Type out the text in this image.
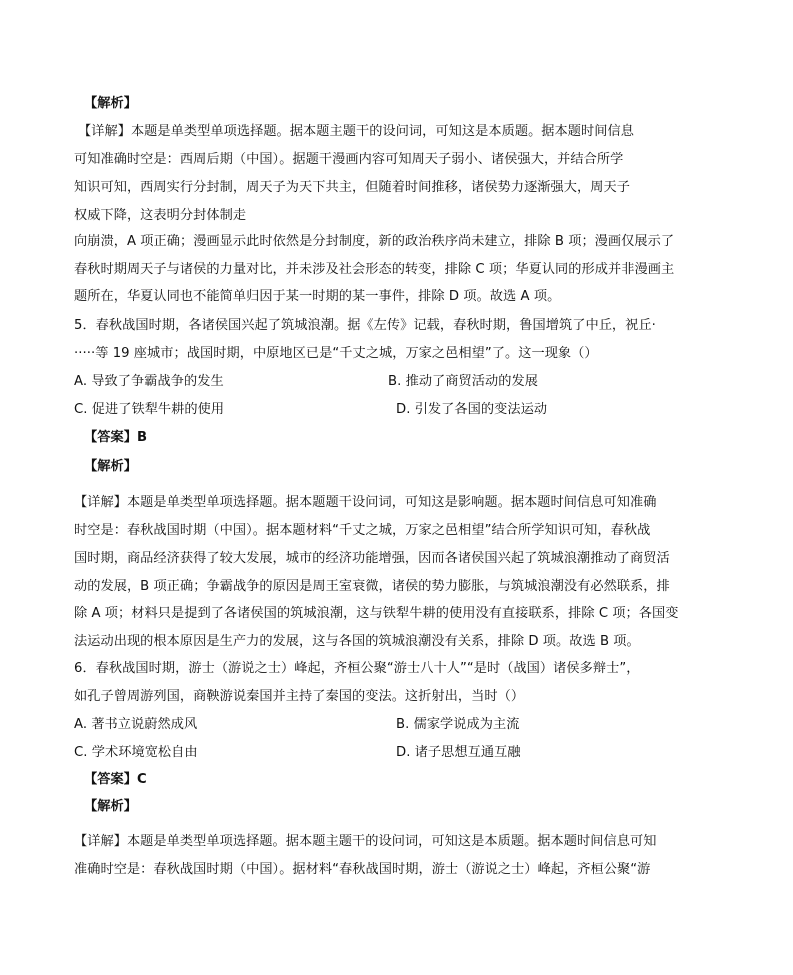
【解析】
【详解】本题是单类型单项选择题。据本题主题干的设问词，可知这是本质题。据本题时间信息
可知准确时空是：西周后期（中国）。据题干漫画内容可知周天子弱小、诸侯强大，并结合所学
知识可知，西周实行分封制，周天子为天下共主，但随着时间推移，诸侯势力逐渐强大，周天子
权威下降，这表明分封体制走
向崩溃，A 项正确；漫画显示此时依然是分封制度，新的政治秩序尚未建立，排除 B 项；漫画仅展示了
春秋时期周天子与诸侯的力量对比，并未涉及社会形态的转变，排除 C 项；华夏认同的形成并非漫画主
题所在，华夏认同也不能简单归因于某一时期的某一事件，排除 D 项。故选 A 项。
5．春秋战国时期，各诸侯国兴起了筑城浪潮。据《左传》记载，春秋时期，鲁国增筑了中丘，祝丘·
·····等 19 座城市；战国时期，中原地区已是“千丈之城，万家之邑相望”了。这一现象（）
A. 导致了争霸战争的发生	B. 推动了商贸活动的发展
C. 促进了铁犁牛耕的使用	D. 引发了各国的变法运动
【答案】B
【解析】
【详解】本题是单类型单项选择题。据本题题干设问词，可知这是影响题。据本题时间信息可知准确
时空是：春秋战国时期（中国）。据本题材料“千丈之城，万家之邑相望”结合所学知识可知，春秋战
国时期，商品经济获得了较大发展，城市的经济功能增强，因而各诸侯国兴起了筑城浪潮推动了商贸活
动的发展，B 项正确；争霸战争的原因是周王室衰微，诸侯的势力膨胀，与筑城浪潮没有必然联系，排
除 A 项；材料只是提到了各诸侯国的筑城浪潮，这与铁犁牛耕的使用没有直接联系，排除 C 项；各国变
法运动出现的根本原因是生产力的发展，这与各国的筑城浪潮没有关系，排除 D 项。故选 B 项。
6．春秋战国时期，游士（游说之士）峰起，齐桓公聚“游士八十人”“是时（战国）诸侯多辩士”，
如孔子曾周游列国，商鞅游说秦国并主持了秦国的变法。这折射出，当时（）
A. 著书立说蔚然成风	B. 儒家学说成为主流
C. 学术环境宽松自由	D. 诸子思想互通互融
【答案】C
【解析】
【详解】本题是单类型单项选择题。据本题主题干的设问词，可知这是本质题。据本题时间信息可知
准确时空是：春秋战国时期（中国）。据材料“春秋战国时期，游士（游说之士）峰起，齐桓公聚“游
